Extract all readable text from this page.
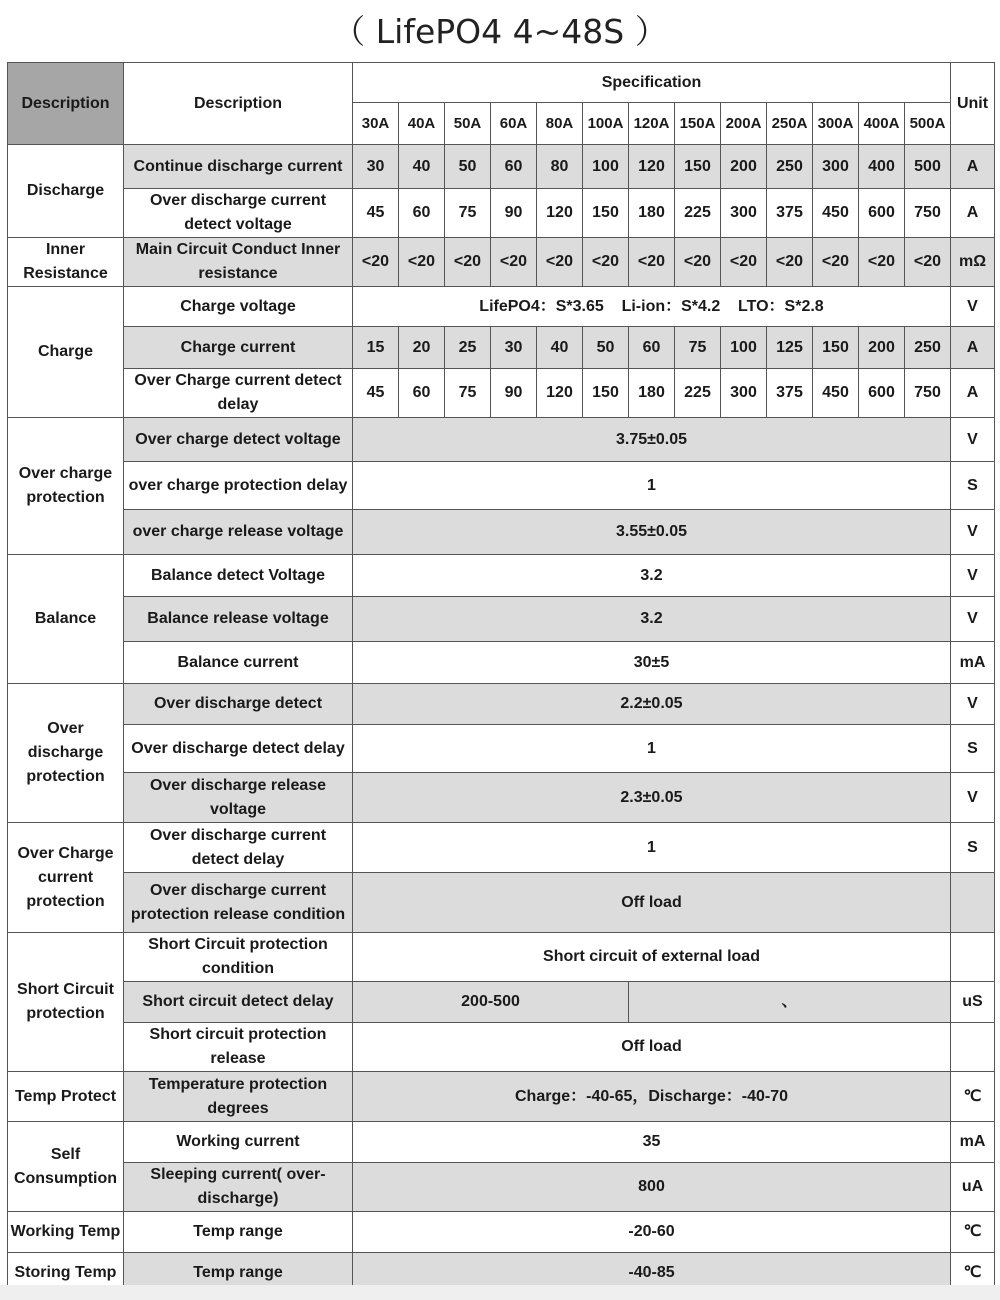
（ LifePO4 4~48S ）
Description	Description	Specification													Unit
		30A	40A	50A	60A	80A	100A	120A	150A	200A	250A	300A	400A	500A	
Discharge	Continue discharge current	30	40	50	60	80	100	120	150	200	250	300	400	500	A
	Over discharge current detect voltage	45	60	75	90	120	150	180	225	300	375	450	600	750	A
Inner Resistance	Main Circuit Conduct Inner resistance	<20	<20	<20	<20	<20	<20	<20	<20	<20	<20	<20	<20	<20	mΩ
Charge	Charge voltage	LifePO4：S*3.65    Li-ion：S*4.2    LTO：S*2.8													V
	Charge current	15	20	25	30	40	50	60	75	100	125	150	200	250	A
	Over Charge current detect delay	45	60	75	90	120	150	180	225	300	375	450	600	750	A
Over charge protection	Over charge detect voltage	3.75±0.05													V
	over charge protection delay	1													S
	over charge release voltage	3.55±0.05													V
Balance	Balance detect Voltage	3.2													V
	Balance release voltage	3.2													V
	Balance current	30±5													mA
Over discharge protection	Over discharge detect	2.2±0.05													V
	Over discharge detect delay	1													S
	Over discharge release voltage	2.3±0.05													V
Over Charge current protection	Over discharge current detect delay	1													S
	Over discharge current protection release condition	Off load													
Short Circuit protection	Short Circuit protection condition	Short circuit of external load													
	Short circuit detect delay	200-500						、							uS
	Short circuit protection release	Off load													
Temp Protect	Temperature protection degrees	Charge：-40-65，Discharge：-40-70													℃
Self Consumption	Working current	35													mA
	Sleeping current( over-discharge)	800													uA
Working Temp	Temp range	-20-60													℃
Storing Temp	Temp range	-40-85													℃
